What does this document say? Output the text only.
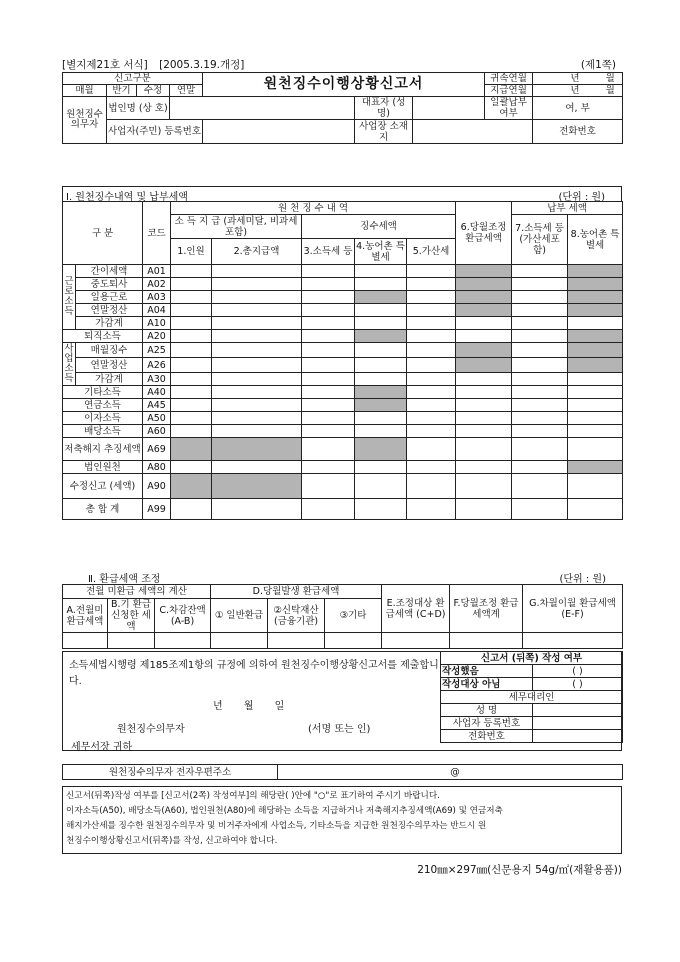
[별지제21호 서식] [2005.3.19.개정]	(제1쪽)
신고구분				원천징수이행상황신고서			귀속연월	년 월	
매월	반기	수정	연말				지급연월	년 월	
원천징수의무자	법인명 (상 호)				대표자 (성 명)		일괄납부 여부	여, 부	
	사업자(주민) 등록번호				사업장 소재지			전화번호	
Ⅰ. 원천징수내역 및 납부세액	(단위 : 원)
구 분		코드	원 천 징 수 내 역					6.당월조정 환급세액	납부 세액	
			소 득 지 급 (과세미달, 비과세 포함)		징수세액				7.소득세 등 (가산세포함)	8.농어촌 특별세
			1.인원	2.총지급액	3.소득세 등	4.농어촌 특별세	5.가산세			
근로소득	간이세액	A01								
	중도퇴사	A02								
	일용근로	A03								
	연말정산	A04								
	가감계	A10								
퇴직소득		A20								
사업소득	매월징수	A25								
	연말정산	A26								
	가감계	A30								
기타소득		A40								
연금소득		A45								
이자소득		A50								
배당소득		A60								
저축해지 추징세액		A69								
법인원천		A80								
수정신고 (세액)		A90								
총 합 계		A99								
Ⅱ. 환급세액 조정	(단위 : 원)
전월 미환급 세액의 계산			D.당월발생 환급세액			E.조정대상 환급세액 (C+D)	F.당월조정 환급세액계	G.차월이월 환급세액 (E-F)
A.전월미 환급세액	B.기 환급 신청한 세액	C.차감잔액 (A-B)	① 일반환급	②신탁재산 (금융기관)	③기타			

소득세법시행령 제185조제1항의 규정에 의하여 원천징수이행상황신고서를 제출합니다.
년 월 일
원천징수의무자	(서명 또는 인)
세무서장 귀하
신고서 (뒤쪽) 작성 여부	
작성했음	( )
작성대상 아님	( )
세무대리인	
성 명	
사업자 등록번호	
전화번호	
원천징수의무자 전자우편주소	@
신고서(뒤쪽)작성 여부를 [신고서(2쪽) 작성여부]의 해당란( )안에 "○"로 표기하여 주시기 바랍니다.
이자소득(A50), 배당소득(A60), 법인원천(A80)에 해당하는 소득을 지급하거나 저축해지추징세액(A69) 및 연금저축
해지가산세를 징수한 원천징수의무자 및 비거주자에게 사업소득, 기타소득을 지급한 원천징수의무자는 반드시 원
천징수이행상황신고서(뒤쪽)를 작성, 신고하여야 합니다.
210㎜×297㎜(신문용지 54g/㎡(재활용품))
